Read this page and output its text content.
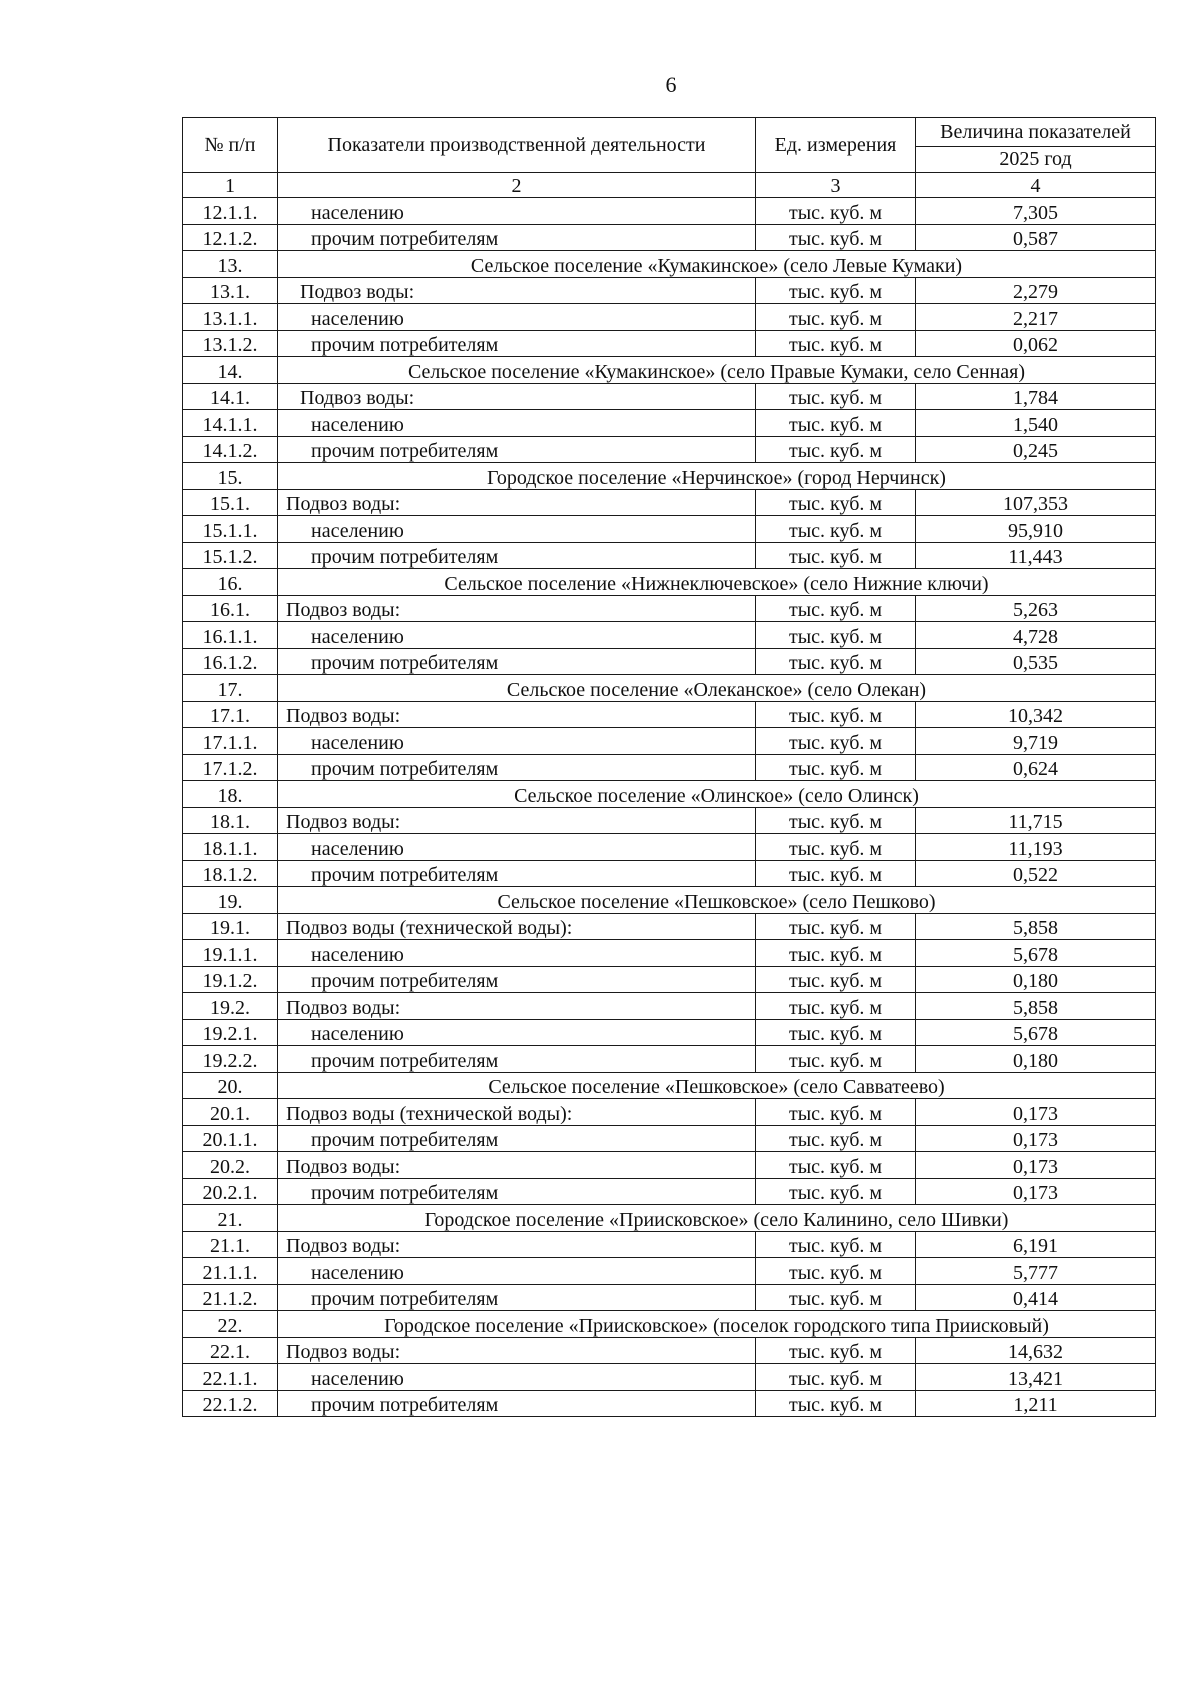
6
№ п/п	Показатели производственной деятельности	Ед. измерения	Величина показателей
			2025 год
1	2	3	4
12.1.1.	населению	тыс. куб. м	7,305
12.1.2.	прочим потребителям	тыс. куб. м	0,587
13.	Сельское поселение «Кумакинское» (село Левые Кумаки)		
13.1.	Подвоз воды:	тыс. куб. м	2,279
13.1.1.	населению	тыс. куб. м	2,217
13.1.2.	прочим потребителям	тыс. куб. м	0,062
14.	Сельское поселение «Кумакинское» (село Правые Кумаки, село Сенная)		
14.1.	Подвоз воды:	тыс. куб. м	1,784
14.1.1.	населению	тыс. куб. м	1,540
14.1.2.	прочим потребителям	тыс. куб. м	0,245
15.	Городское поселение «Нерчинское» (город Нерчинск)		
15.1.	Подвоз воды:	тыс. куб. м	107,353
15.1.1.	населению	тыс. куб. м	95,910
15.1.2.	прочим потребителям	тыс. куб. м	11,443
16.	Сельское поселение «Нижнеключевское» (село Нижние ключи)		
16.1.	Подвоз воды:	тыс. куб. м	5,263
16.1.1.	населению	тыс. куб. м	4,728
16.1.2.	прочим потребителям	тыс. куб. м	0,535
17.	Сельское поселение «Олеканское» (село Олекан)		
17.1.	Подвоз воды:	тыс. куб. м	10,342
17.1.1.	населению	тыс. куб. м	9,719
17.1.2.	прочим потребителям	тыс. куб. м	0,624
18.	Сельское поселение «Олинское» (село Олинск)		
18.1.	Подвоз воды:	тыс. куб. м	11,715
18.1.1.	населению	тыс. куб. м	11,193
18.1.2.	прочим потребителям	тыс. куб. м	0,522
19.	Сельское поселение «Пешковское» (село Пешково)		
19.1.	Подвоз воды (технической воды):	тыс. куб. м	5,858
19.1.1.	населению	тыс. куб. м	5,678
19.1.2.	прочим потребителям	тыс. куб. м	0,180
19.2.	Подвоз воды:	тыс. куб. м	5,858
19.2.1.	населению	тыс. куб. м	5,678
19.2.2.	прочим потребителям	тыс. куб. м	0,180
20.	Сельское поселение «Пешковское» (село Савватеево)		
20.1.	Подвоз воды (технической воды):	тыс. куб. м	0,173
20.1.1.	прочим потребителям	тыс. куб. м	0,173
20.2.	Подвоз воды:	тыс. куб. м	0,173
20.2.1.	прочим потребителям	тыс. куб. м	0,173
21.	Городское поселение «Приисковское» (село Калинино, село Шивки)		
21.1.	Подвоз воды:	тыс. куб. м	6,191
21.1.1.	населению	тыс. куб. м	5,777
21.1.2.	прочим потребителям	тыс. куб. м	0,414
22.	Городское поселение «Приисковское» (поселок городского типа Приисковый)		
22.1.	Подвоз воды:	тыс. куб. м	14,632
22.1.1.	населению	тыс. куб. м	13,421
22.1.2.	прочим потребителям	тыс. куб. м	1,211
